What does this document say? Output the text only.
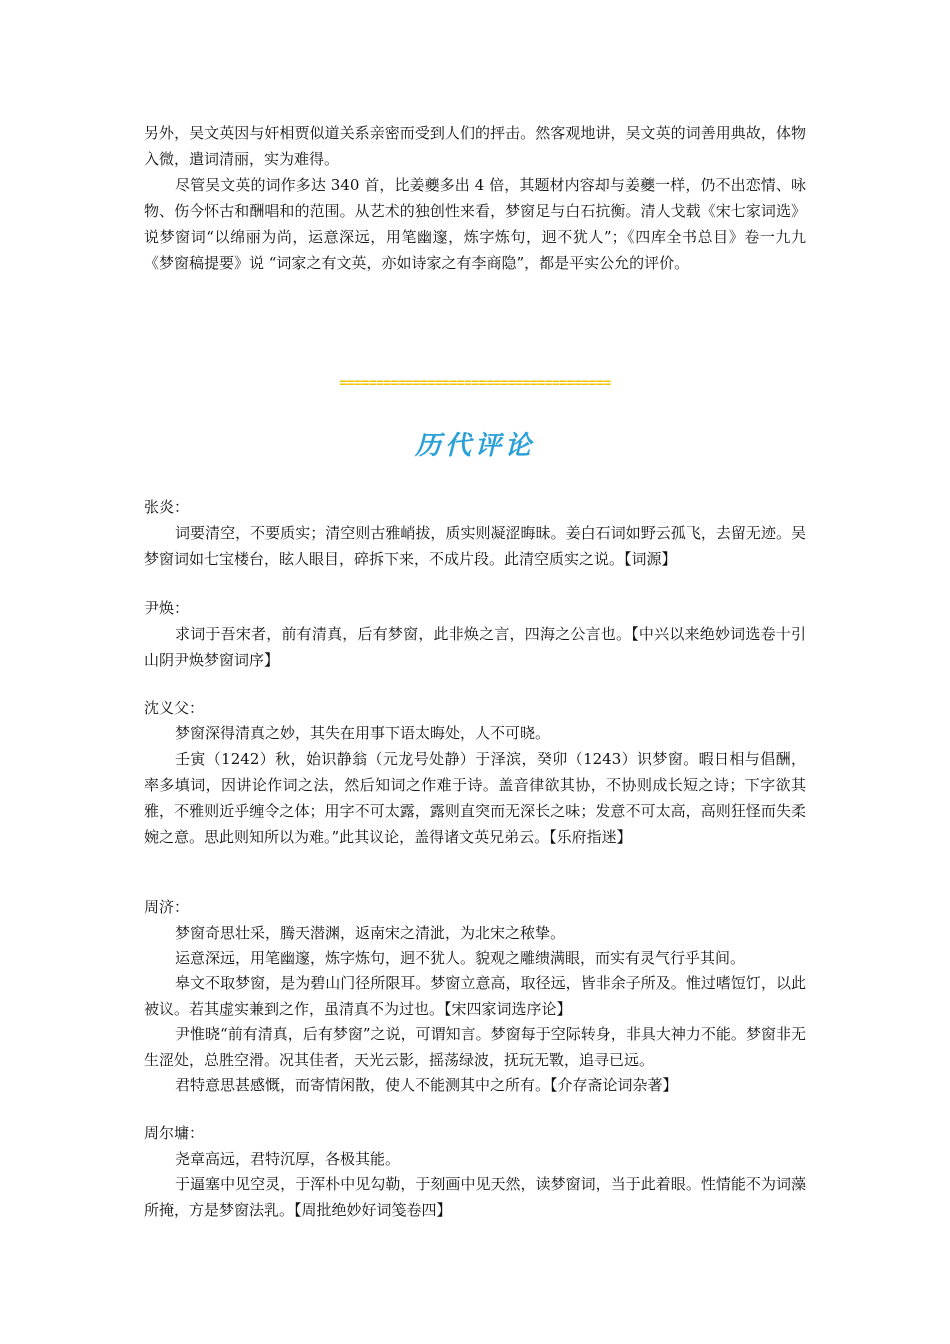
另外，吴文英因与奸相贾似道关系亲密而受到人们的抨击。然客观地讲，吴文英的词善用典故，体物入微，遣词清丽，实为难得。

尽管吴文英的词作多达 340 首，比姜夔多出 4 倍，其题材内容却与姜夔一样，仍不出恋情、咏物、伤今怀古和酬唱和的范围。从艺术的独创性来看，梦窗足与白石抗衡。清人戈载《宋七家词选》说梦窗词“以绵丽为尚，运意深远，用笔幽邃，炼字炼句，迥不犹人”；《四库全书总目》卷一九九《梦窗稿提要》说 “词家之有文英，亦如诗家之有李商隐”，都是平实公允的评价。

=====================================
历代评论

张炎：

词要清空，不要质实；清空则古雅峭拔，质实则凝涩晦昧。姜白石词如野云孤飞，去留无迹。吴梦窗词如七宝楼台，眩人眼目，碎拆下来，不成片段。此清空质实之说。【词源】

尹焕：

求词于吾宋者，前有清真，后有梦窗，此非焕之言，四海之公言也。【中兴以来绝妙词选卷十引山阴尹焕梦窗词序】

沈义父：

梦窗深得清真之妙，其失在用事下语太晦处，人不可晓。

壬寅（1242）秋，始识静翁（元龙号处静）于泽滨，癸卯（1243）识梦窗。暇日相与倡酬，率多填词，因讲论作词之法，然后知词之作难于诗。盖音律欲其协，不协则成长短之诗；下字欲其雅，不雅则近乎缠令之体；用字不可太露，露则直突而无深长之味；发意不可太高，高则狂怪而失柔婉之意。思此则知所以为难。”此其议论，盖得诸文英兄弟云。【乐府指迷】

周济：

梦窗奇思壮采，腾天潜渊，返南宋之清泚，为北宋之秾挚。

运意深远，用笔幽邃，炼字炼句，迥不犹人。貌观之雕缋满眼，而实有灵气行乎其间。

皋文不取梦窗，是为碧山门径所限耳。梦窗立意高，取径远，皆非余子所及。惟过嗜饾饤，以此被议。若其虚实兼到之作，虽清真不为过也。【宋四家词选序论】

尹惟晓“前有清真，后有梦窗”之说，可谓知言。梦窗每于空际转身，非具大神力不能。梦窗非无生涩处，总胜空滑。况其佳者，天光云影，摇荡绿波，抚玩无斁，追寻已远。

君特意思甚感慨，而寄情闲散，使人不能测其中之所有。【介存斋论词杂著】

周尔墉：

尧章高远，君特沉厚，各极其能。

于逼塞中见空灵，于浑朴中见勾勒，于刻画中见天然，读梦窗词，当于此着眼。性情能不为词藻所掩，方是梦窗法乳。【周批绝妙好词笺卷四】
